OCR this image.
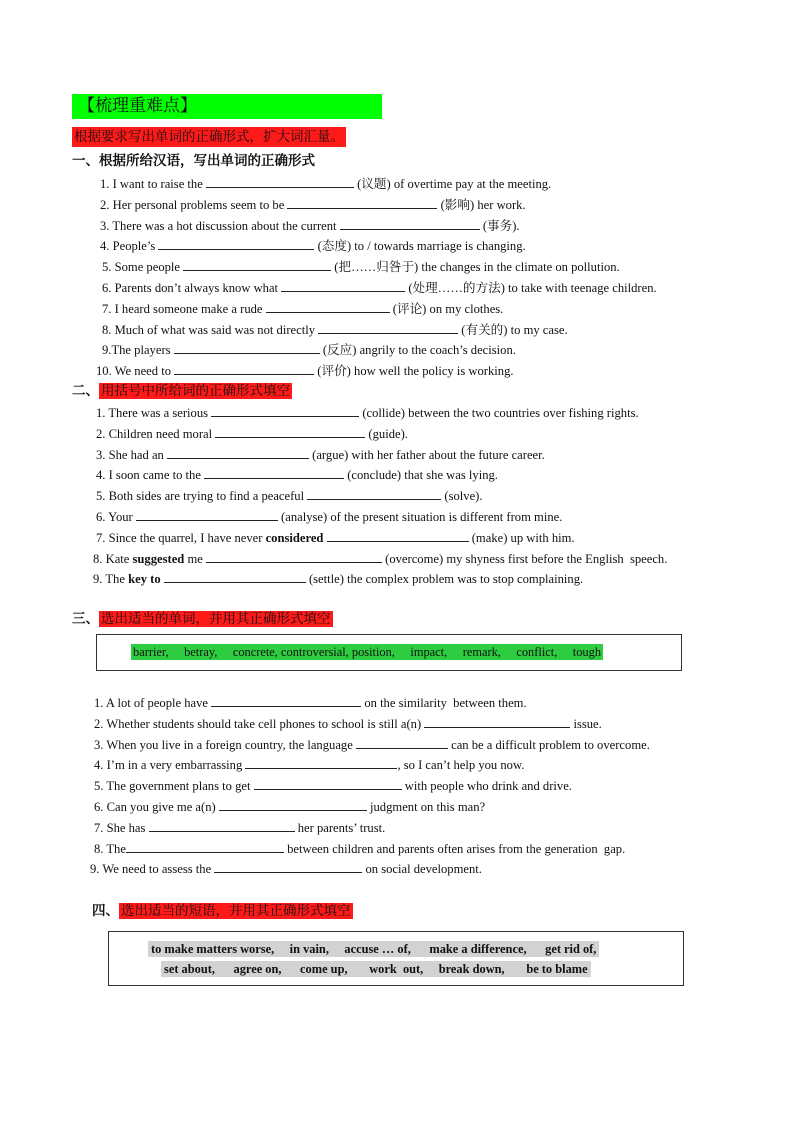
【梳理重难点】
根据要求写出单词的正确形式，扩大词汇量。
一、根据所给汉语，写出单词的正确形式
1. I want to raise the	(议题) of overtime pay at the meeting.
2. Her personal problems seem to be	(影响) her work.
3. There was a hot discussion about the current	(事务).
4. People’s	(态度) to / towards marriage is changing.
5. Some people	(把……归咎于) the changes in the climate on pollution.
6. Parents don’t always know what	(处理……的方法) to take with teenage children.
7. I heard someone make a rude	(评论) on my clothes.
8. Much of what was said was not directly	(有关的) to my case.
9.The players	(反应) angrily to the coach’s decision.
10. We need to	(评价) how well the policy is working.
二、 用括号中所给词的正确形式填空
1. There was a serious	(collide) between the two countries over fishing rights.
2. Children need moral	(guide).
3. She had an	(argue) with her father about the future career.
4. I soon came to the	(conclude) that she was lying.
5. Both sides are trying to find a peaceful	(solve).
6. Your	(analyse) of the present situation is different from mine.
7. Since the quarrel, I have never considered	(make) up with him.
8. Kate suggested me	(overcome) my shyness first before the English  speech.
9. The key to	(settle) the complex problem was to stop complaining.
三、 选出适当的单词，并用其正确形式填空
barrier,     betray,     concrete, controversial, position,     impact,     remark,     conflict,     tough
1. A lot of people have	on the similarity  between them.
2. Whether students should take cell phones to school is still a(n)	issue.
3. When you live in a foreign country, the language	can be a difficult problem to overcome.
4. I’m in a very embarrassing	, so I can’t help you now.
5. The government plans to get	with people who drink and drive.
6. Can you give me a(n)	judgment on this man?
7. She has	her parents’ trust.
8. The	between children and parents often arises from the generation  gap.
9. We need to assess the	on social development.
四、 选出适当的短语，并用其正确形式填空
to make matters worse,     in vain,     accuse … of,      make a difference,      get rid of,
set about,      agree on,      come up,       work  out,     break down,       be to blame
